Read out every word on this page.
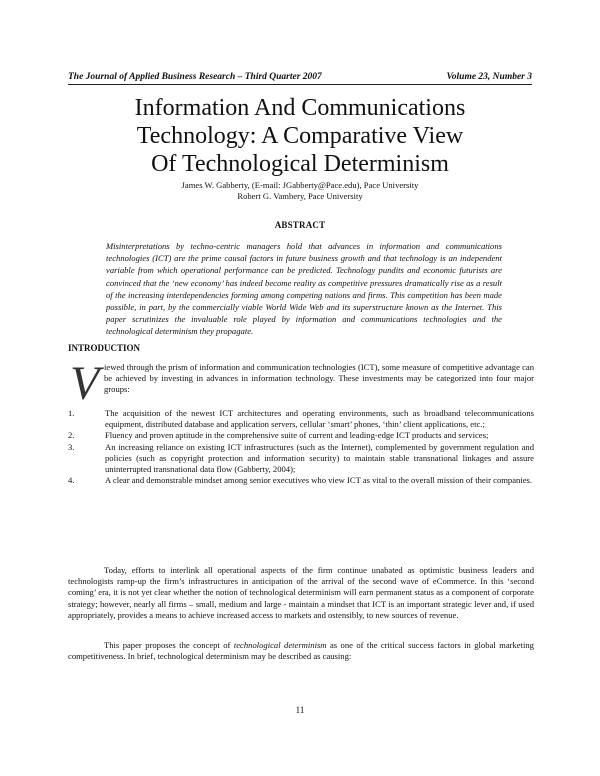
The Journal of Applied Business Research – Third Quarter 2007	Volume 23, Number 3
Information And Communications
Technology: A Comparative View
Of Technological Determinism
James W. Gabberty, (E-mail: JGabberty@Pace.edu), Pace University
Robert G. Vambery, Pace University
ABSTRACT
Misinterpretations by techno-centric managers hold that advances in information and communications technologies (ICT) are the prime causal factors in future business growth and that technology is an independent variable from which operational performance can be predicted. Technology pundits and economic futurists are convinced that the ‘new economy’ has indeed become reality as competitive pressures dramatically rise as a result of the increasing interdependencies forming among competing nations and firms. This competition has been made possible, in part, by the commercially viable World Wide Web and its superstructure known as the Internet. This paper scrutinizes the invaluable role played by information and communications technologies and the technological determinism they propagate.
INTRODUCTION
V iewed through the prism of information and communication technologies (ICT), some measure of competitive advantage can be achieved by investing in advances in information technology. These investments may be categorized into four major groups:
1.	The acquisition of the newest ICT architectures and operating environments, such as broadband telecommunications equipment, distributed database and application servers, cellular ‘smart’ phones, ‘thin’ client applications, etc.;
2.	Fluency and proven aptitude in the comprehensive suite of current and leading-edge ICT products and services;
3.	An increasing reliance on existing ICT infrastructures (such as the Internet), complemented by government regulation and policies (such as copyright protection and information security) to maintain stable transnational linkages and assure uninterrupted transnational data flow (Gabberty, 2004);
4.	A clear and demonstrable mindset among senior executives who view ICT as vital to the overall mission of their companies.
Today, efforts to interlink all operational aspects of the firm continue unabated as optimistic business leaders and technologists ramp-up the firm’s infrastructures in anticipation of the arrival of the second wave of eCommerce. In this ‘second coming’ era, it is not yet clear whether the notion of technological determinism will earn permanent status as a component of corporate strategy; however, nearly all firms – small, medium and large - maintain a mindset that ICT is an important strategic lever and, if used appropriately, provides a means to achieve increased access to markets and ostensibly, to new sources of revenue.
This paper proposes the concept of technological determinism as one of the critical success factors in global marketing competitiveness. In brief, technological determinism may be described as causing:
11
